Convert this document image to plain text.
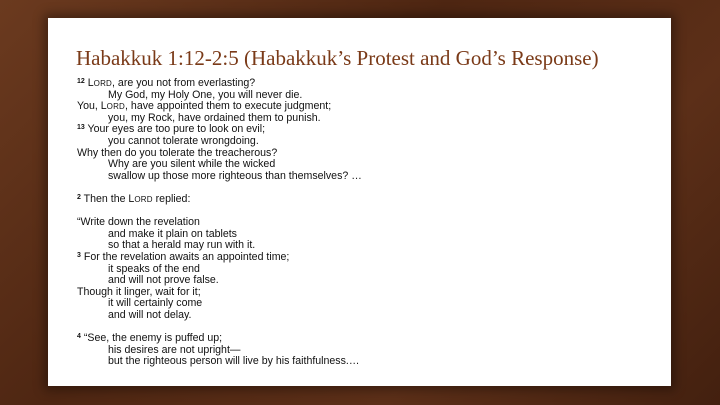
Habakkuk 1:12-2:5 (Habakkuk’s Protest and God’s Response)
$^{12}$ LORD, are you not from everlasting?
My God, my Holy One, you will never die.
You, LORD, have appointed them to execute judgment;
you, my Rock, have ordained them to punish.
$^{13}$ Your eyes are too pure to look on evil;
you cannot tolerate wrongdoing.
Why then do you tolerate the treacherous?
Why are you silent while the wicked
swallow up those more righteous than themselves? …
$^2$ Then the LORD replied:
“Write down the revelation
and make it plain on tablets
so that a herald may run with it.
$^3$ For the revelation awaits an appointed time;
it speaks of the end
and will not prove false.
Though it linger, wait for it;
it will certainly come
and will not delay.
$^4$ “See, the enemy is puffed up;
his desires are not upright—
but the righteous person will live by his faithfulness.…
